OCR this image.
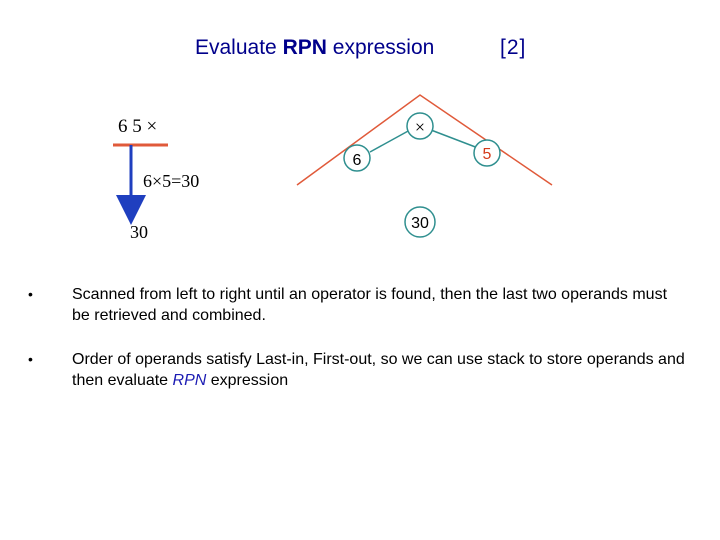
Evaluate RPN expression	[2]
6 5 ×
6×5=30
30
×
6	5
30
• Scanned from left to right until an operator is found, then the last two operands must be retrieved and combined.
• Order of operands satisfy Last-in, First-out, so we can use stack to store operands and then evaluate RPN expression
